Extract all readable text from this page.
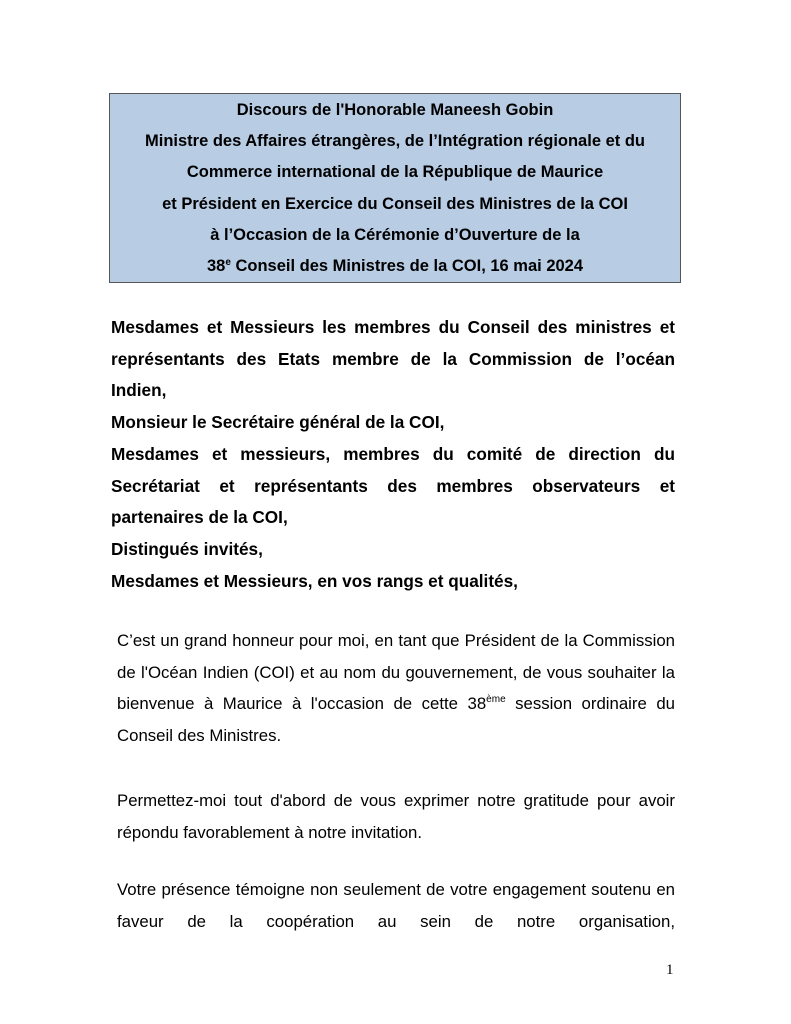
Discours de l'Honorable Maneesh Gobin
Ministre des Affaires étrangères, de l’Intégration régionale et du
Commerce international de la République de Maurice
et Président en Exercice du Conseil des Ministres de la COI
à l’Occasion de la Cérémonie d’Ouverture de la
38e Conseil des Ministres de la COI, 16 mai 2024

Mesdames et Messieurs les membres du Conseil des ministres et représentants des Etats membre de la Commission de l’océan Indien,

Monsieur le Secrétaire général de la COI,

Mesdames et messieurs, membres du comité de direction du Secrétariat et représentants des membres observateurs et partenaires de la COI,

Distingués invités,

Mesdames et Messieurs, en vos rangs et qualités,

C’est un grand honneur pour moi, en tant que Président de la Commission de l'Océan Indien (COI) et au nom du gouvernement, de vous souhaiter la bienvenue à Maurice à l'occasion de cette 38ème session ordinaire du Conseil des Ministres.

Permettez-moi tout d'abord de vous exprimer notre gratitude pour avoir répondu favorablement à notre invitation.

Votre présence témoigne non seulement de votre engagement soutenu en faveur de la coopération au sein de notre organisation,

1
